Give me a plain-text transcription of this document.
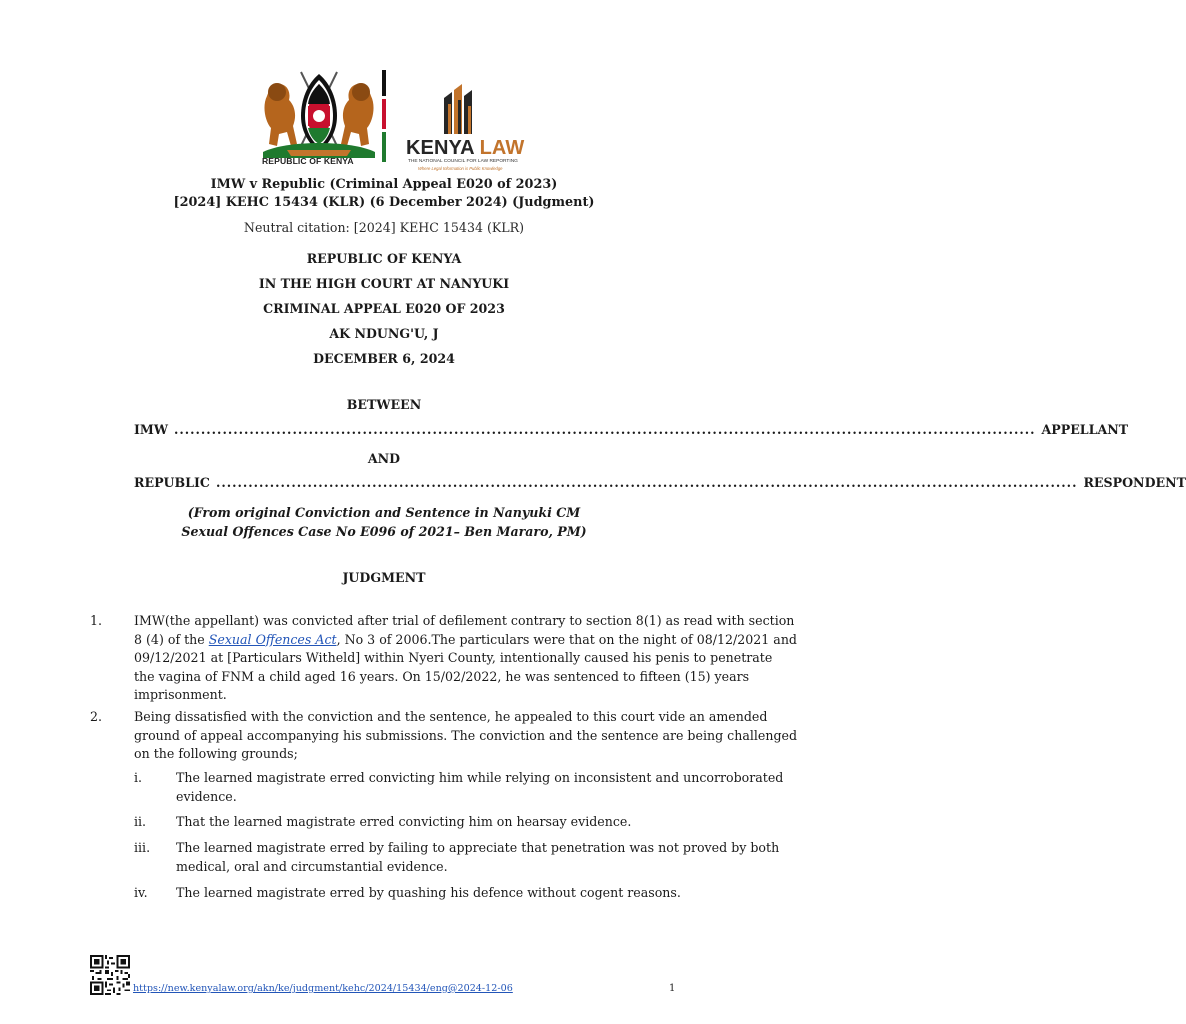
REPUBLIC OF KENYA
KENYA LAW
THE NATIONAL COUNCIL FOR LAW REPORTING
Where Legal Information is Public Knowledge
IMW v Republic (Criminal Appeal E020 of 2023)
[2024] KEHC 15434 (KLR) (6 December 2024) (Judgment)
Neutral citation: [2024] KEHC 15434 (KLR)
REPUBLIC OF KENYA
IN THE HIGH COURT AT NANYUKI
CRIMINAL APPEAL E020 OF 2023
AK NDUNG'U, J
DECEMBER 6, 2024
BETWEEN
IMW ................................................................................................................................................................ APPELLANT
AND
REPUBLIC ................................................................................................................................................................ RESPONDENT
(From original Conviction and Sentence in Nanyuki CM
Sexual Offences Case No E096 of 2021– Ben Mararo, PM)
JUDGMENT
1.	IMW(the appellant) was convicted after trial of defilement contrary to section 8(1) as read with section
8 (4) of the Sexual Offences Act, No 3 of 2006.The particulars were that on the night of 08/12/2021 and
09/12/2021 at [Particulars Witheld] within Nyeri County, intentionally caused his penis to penetrate
the vagina of FNM a child aged 16 years. On 15/02/2022, he was sentenced to fifteen (15) years
imprisonment.
2.	Being dissatisfied with the conviction and the sentence, he appealed to this court vide an amended
ground of appeal accompanying his submissions. The conviction and the sentence are being challenged
on the following grounds;
i.	The learned magistrate erred convicting him while relying on inconsistent and uncorroborated
evidence.
ii. That the learned magistrate erred convicting him on hearsay evidence.
iii. The learned magistrate erred by failing to appreciate that penetration was not proved by both
medical, oral and circumstantial evidence.
iv. The learned magistrate erred by quashing his defence without cogent reasons.
https://new.kenyalaw.org/akn/ke/judgment/kehc/2024/15434/eng@2024-12-06	1
